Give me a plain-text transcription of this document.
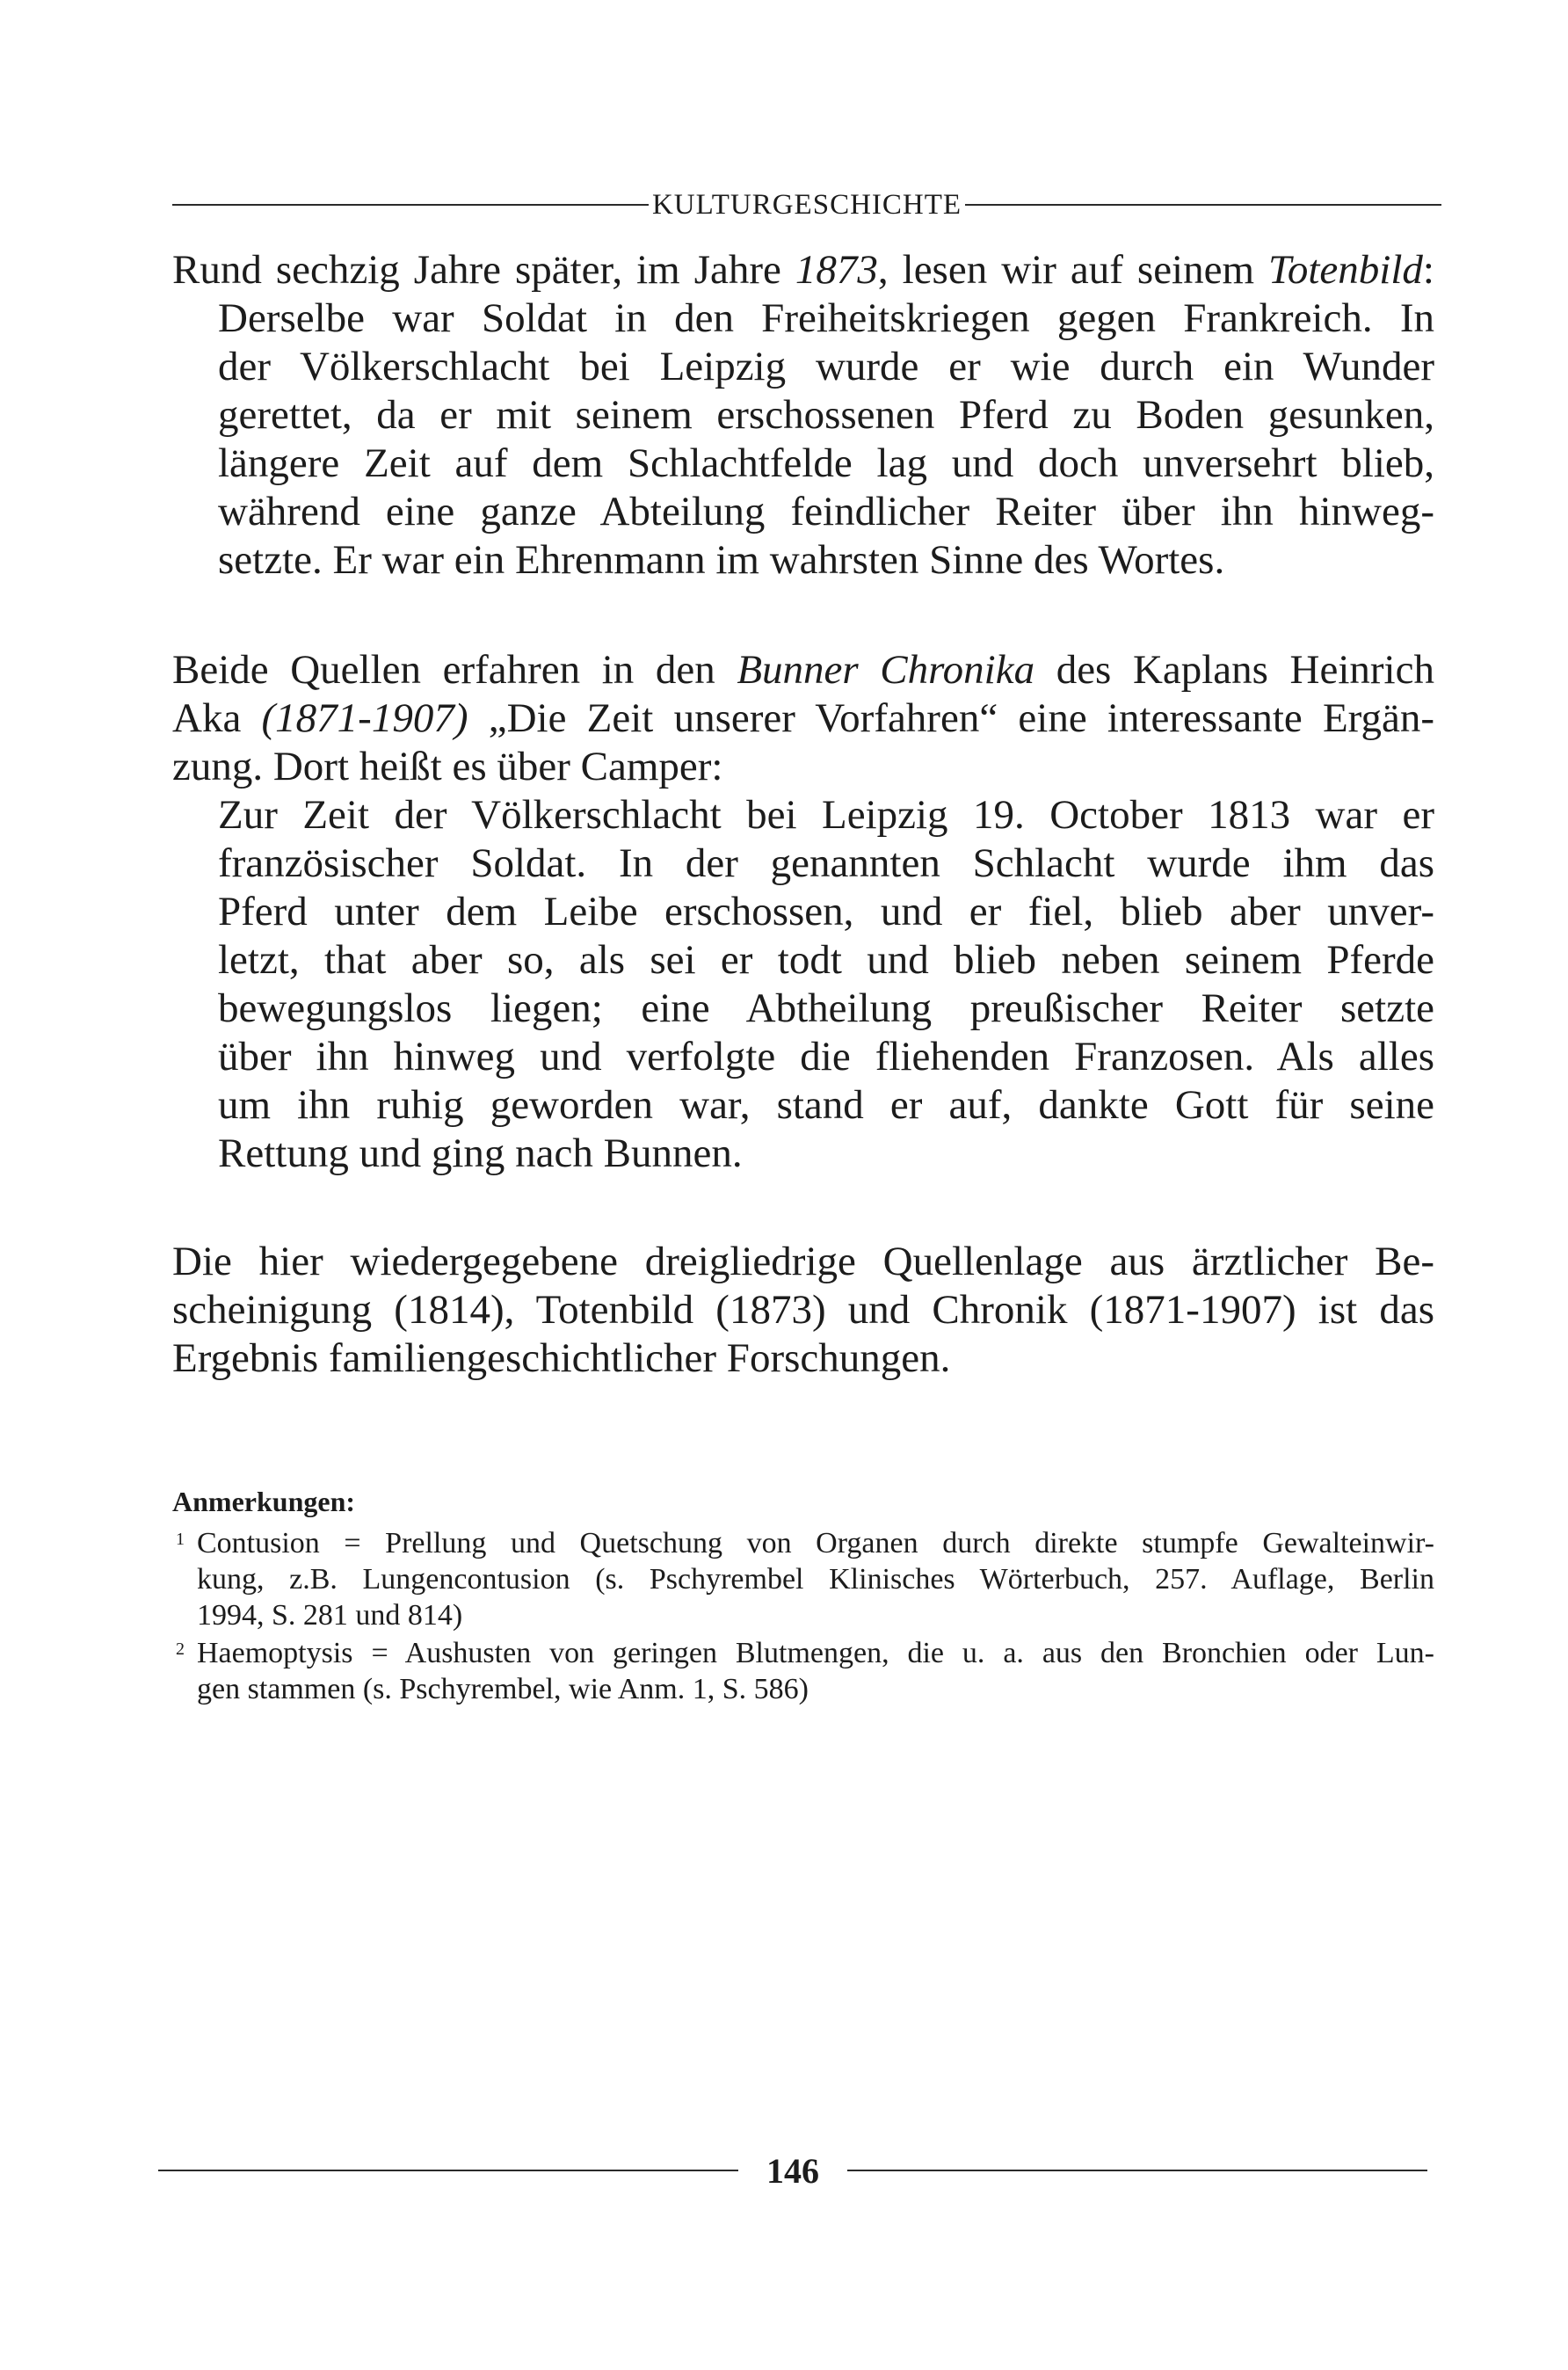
KULTURGESCHICHTE
Rund sechzig Jahre später, im Jahre 1873, lesen wir auf seinem Totenbild:
Derselbe war Soldat in den Freiheitskriegen gegen Frankreich. In
der Völkerschlacht bei Leipzig wurde er wie durch ein Wunder
gerettet, da er mit seinem erschossenen Pferd zu Boden gesunken,
längere Zeit auf dem Schlachtfelde lag und doch unversehrt blieb,
während eine ganze Abteilung feindlicher Reiter über ihn hinweg-
setzte. Er war ein Ehrenmann im wahrsten Sinne des Wortes.
Beide Quellen erfahren in den Bunner Chronika des Kaplans Heinrich
Aka (1871-1907) „Die Zeit unserer Vorfahren“ eine interessante Ergän-
zung. Dort heißt es über Camper:
Zur Zeit der Völkerschlacht bei Leipzig 19. October 1813 war er
französischer Soldat. In der genannten Schlacht wurde ihm das
Pferd unter dem Leibe erschossen, und er fiel, blieb aber unver-
letzt, that aber so, als sei er todt und blieb neben seinem Pferde
bewegungslos liegen; eine Abtheilung preußischer Reiter setzte
über ihn hinweg und verfolgte die fliehenden Franzosen. Als alles
um ihn ruhig geworden war, stand er auf, dankte Gott für seine
Rettung und ging nach Bunnen.
Die hier wiedergegebene dreigliedrige Quellenlage aus ärztlicher Be-
scheinigung (1814), Totenbild (1873) und Chronik (1871-1907) ist das
Ergebnis familiengeschichtlicher Forschungen.
Anmerkungen:
1 Contusion = Prellung und Quetschung von Organen durch direkte stumpfe Gewalteinwir-
kung, z.B. Lungencontusion (s. Pschyrembel Klinisches Wörterbuch, 257. Auflage, Berlin
1994, S. 281 und 814)
2 Haemoptysis = Aushusten von geringen Blutmengen, die u. a. aus den Bronchien oder Lun-
gen stammen (s. Pschyrembel, wie Anm. 1, S. 586)
146
